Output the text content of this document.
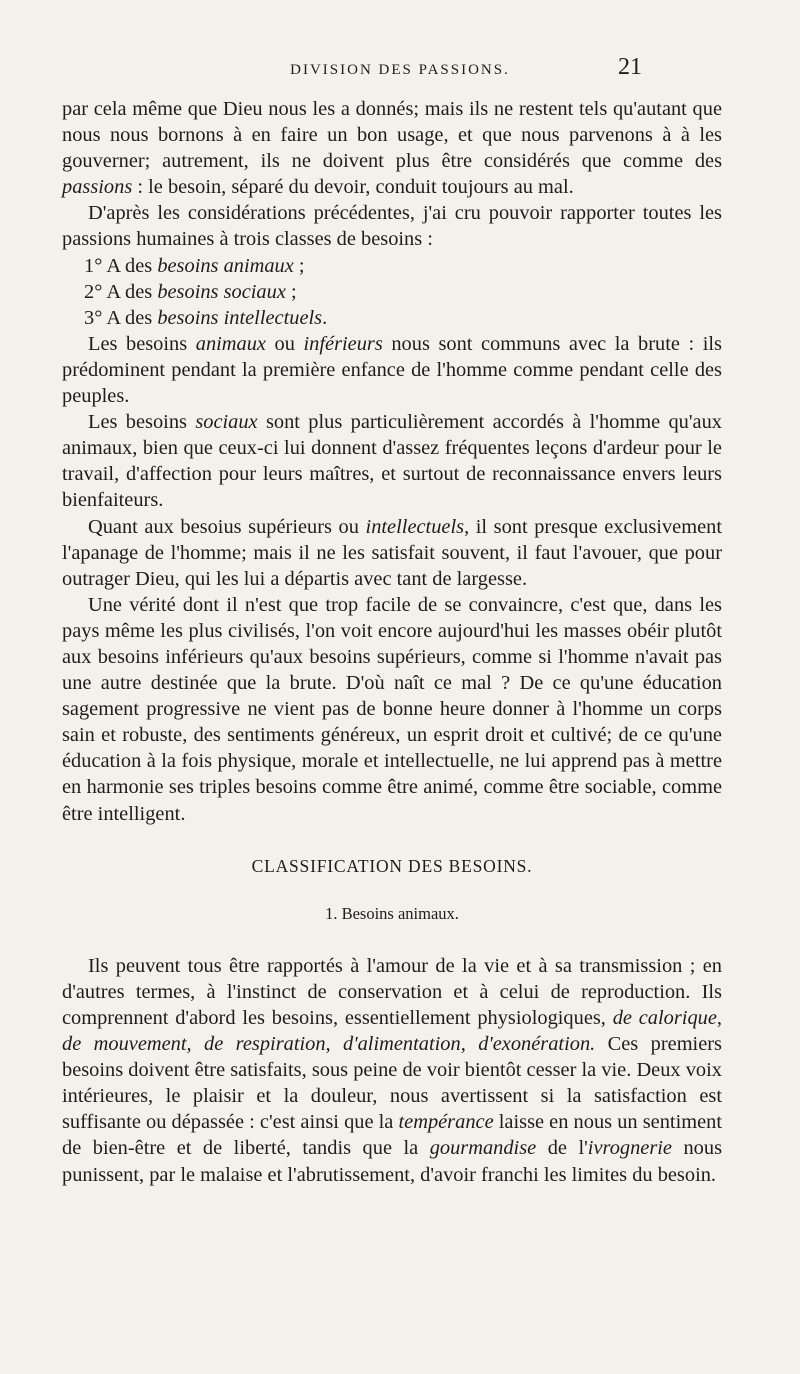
DIVISION DES PASSIONS.	21

par cela même que Dieu nous les a donnés; mais ils ne restent tels qu'autant que nous nous bornons à en faire un bon usage, et que nous parvenons à à les gouverner; autrement, ils ne doivent plus être considérés que comme des passions : le besoin, séparé du devoir, conduit toujours au mal.

D'après les considérations précédentes, j'ai cru pouvoir rapporter toutes les passions humaines à trois classes de besoins :

1° A des besoins animaux ;

2° A des besoins sociaux ;

3° A des besoins intellectuels.

Les besoins animaux ou inférieurs nous sont communs avec la brute : ils prédominent pendant la première enfance de l'homme comme pendant celle des peuples.

Les besoins sociaux sont plus particulièrement accordés à l'homme qu'aux animaux, bien que ceux-ci lui donnent d'assez fréquentes leçons d'ardeur pour le travail, d'affection pour leurs maîtres, et surtout de reconnaissance envers leurs bienfaiteurs.

Quant aux besoius supérieurs ou intellectuels, il sont presque exclusivement l'apanage de l'homme; mais il ne les satisfait souvent, il faut l'avouer, que pour outrager Dieu, qui les lui a départis avec tant de largesse.

Une vérité dont il n'est que trop facile de se convaincre, c'est que, dans les pays même les plus civilisés, l'on voit encore aujourd'hui les masses obéir plutôt aux besoins inférieurs qu'aux besoins supérieurs, comme si l'homme n'avait pas une autre destinée que la brute. D'où naît ce mal ? De ce qu'une éducation sagement progressive ne vient pas de bonne heure donner à l'homme un corps sain et robuste, des sentiments généreux, un esprit droit et cultivé; de ce qu'une éducation à la fois physique, morale et intellectuelle, ne lui apprend pas à mettre en harmonie ses triples besoins comme être animé, comme être sociable, comme être intelligent.

CLASSIFICATION DES BESOINS.
1. Besoins animaux.

Ils peuvent tous être rapportés à l'amour de la vie et à sa transmission ; en d'autres termes, à l'instinct de conservation et à celui de reproduction. Ils comprennent d'abord les besoins, essentiellement physiologiques, de calorique, de mouvement, de respiration, d'alimentation, d'exonération. Ces premiers besoins doivent être satisfaits, sous peine de voir bientôt cesser la vie. Deux voix intérieures, le plaisir et la douleur, nous avertissent si la satisfaction est suffisante ou dépassée : c'est ainsi que la tempérance laisse en nous un sentiment de bien-être et de liberté, tandis que la gourmandise de l'ivrognerie nous punissent, par le malaise et l'abrutissement, d'avoir franchi les limites du besoin.
